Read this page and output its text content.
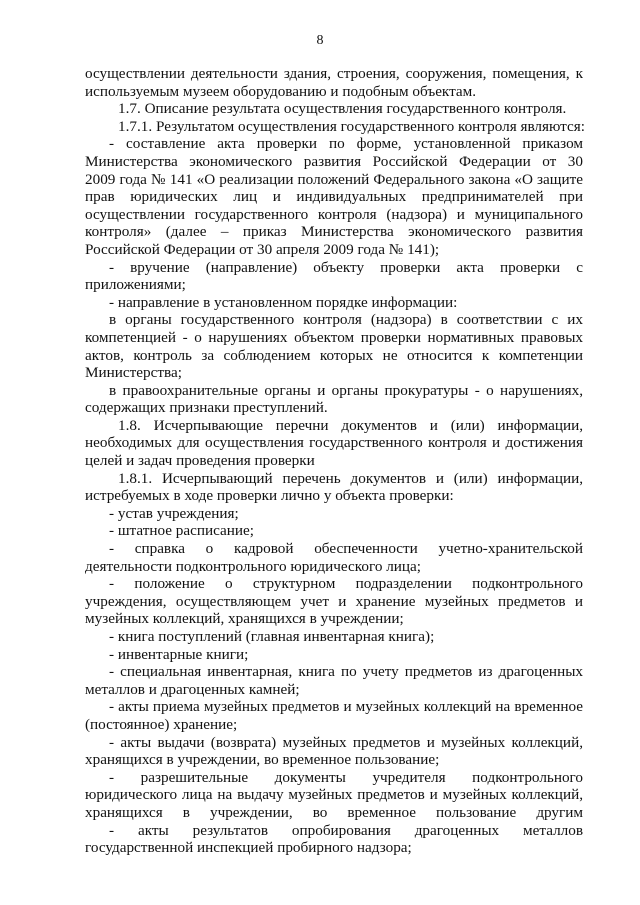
8
осуществлении деятельности здания, строения, сооружения, помещения, к
используемым музеем оборудованию и подобным объектам.
1.7. Описание результата осуществления государственного контроля.
1.7.1. Результатом осуществления государственного контроля являются:
- составление акта проверки по форме, установленной приказом
Министерства экономического развития Российской Федерации от 30
2009 года № 141 «О реализации положений Федерального закона «О защите
прав юридических лиц и индивидуальных предпринимателей при
осуществлении государственного контроля (надзора) и муниципального
контроля» (далее – приказ Министерства экономического развития
Российской Федерации от 30 апреля 2009 года № 141);
- вручение (направление) объекту проверки акта проверки с
приложениями;
- направление в установленном порядке информации:
в органы государственного контроля (надзора) в соответствии с их
компетенцией - о нарушениях объектом проверки нормативных правовых
актов, контроль за соблюдением которых не относится к компетенции
Министерства;
в правоохранительные органы и органы прокуратуры - о нарушениях,
содержащих признаки преступлений.
1.8. Исчерпывающие перечни документов и (или) информации,
необходимых для осуществления государственного контроля и достижения
целей и задач проведения проверки
1.8.1. Исчерпывающий перечень документов и (или) информации,
истребуемых в ходе проверки лично у объекта проверки:
- устав учреждения;
- штатное расписание;
- справка о кадровой обеспеченности учетно-хранительской
деятельности подконтрольного юридического лица;
- положение о структурном подразделении подконтрольного
учреждения, осуществляющем учет и хранение музейных предметов и
музейных коллекций, хранящихся в учреждении;
- книга поступлений (главная инвентарная книга);
- инвентарные книги;
- специальная инвентарная, книга по учету предметов из драгоценных
металлов и драгоценных камней;
- акты приема музейных предметов и музейных коллекций на временное
(постоянное) хранение;
- акты выдачи (возврата) музейных предметов и музейных коллекций,
хранящихся в учреждении, во временное пользование;
- разрешительные документы учредителя подконтрольного
юридического лица на выдачу музейных предметов и музейных коллекций,
хранящихся в учреждении, во временное пользование другим
- акты результатов опробирования драгоценных металлов
государственной инспекцией пробирного надзора;
